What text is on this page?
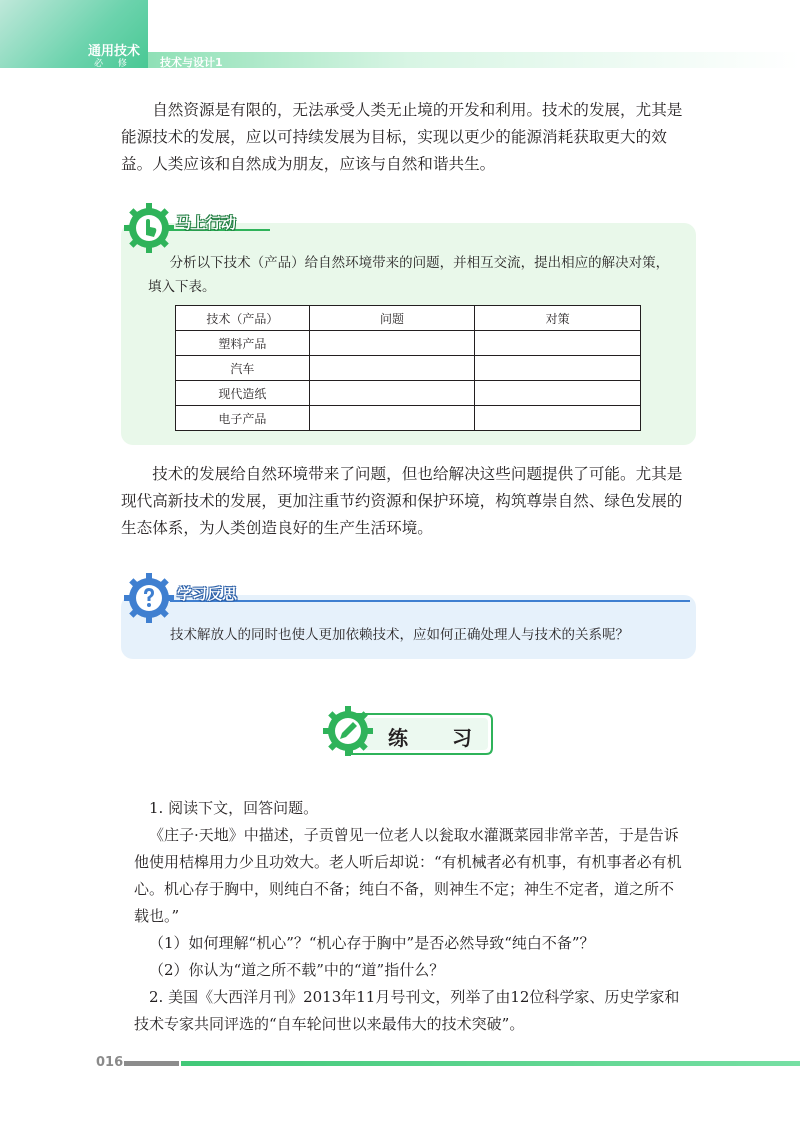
通用技术
必 修 技术与设计1

自然资源是有限的，无法承受人类无止境的开发和利用。技术的发展，尤其是能源技术的发展，应以可持续发展为目标，实现以更少的能源消耗获取更大的效益。人类应该和自然成为朋友，应该与自然和谐共生。

马上行动

分析以下技术（产品）给自然环境带来的问题，并相互交流，提出相应的解决对策，填入下表。

技术（产品）	问题	对策
塑料产品		
汽车		
现代造纸		
电子产品		

技术的发展给自然环境带来了问题，但也给解决这些问题提供了可能。尤其是现代高新技术的发展，更加注重节约资源和保护环境，构筑尊崇自然、绿色发展的生态体系，为人类创造良好的生产生活环境。

学习反思

技术解放人的同时也使人更加依赖技术，应如何正确处理人与技术的关系呢？

练习

1. 阅读下文，回答问题。

《庄子·天地》中描述，子贡曾见一位老人以瓮取水灌溉菜园非常辛苦，于是告诉他使用桔槔用力少且功效大。老人听后却说：“有机械者必有机事，有机事者必有机心。机心存于胸中，则纯白不备；纯白不备，则神生不定；神生不定者，道之所不载也。”

（1）如何理解“机心”？“机心存于胸中”是否必然导致“纯白不备”？

（2）你认为“道之所不载”中的“道”指什么？

2. 美国《大西洋月刊》2013年11月号刊文，列举了由12位科学家、历史学家和技术专家共同评选的“自车轮问世以来最伟大的技术突破”。

016
